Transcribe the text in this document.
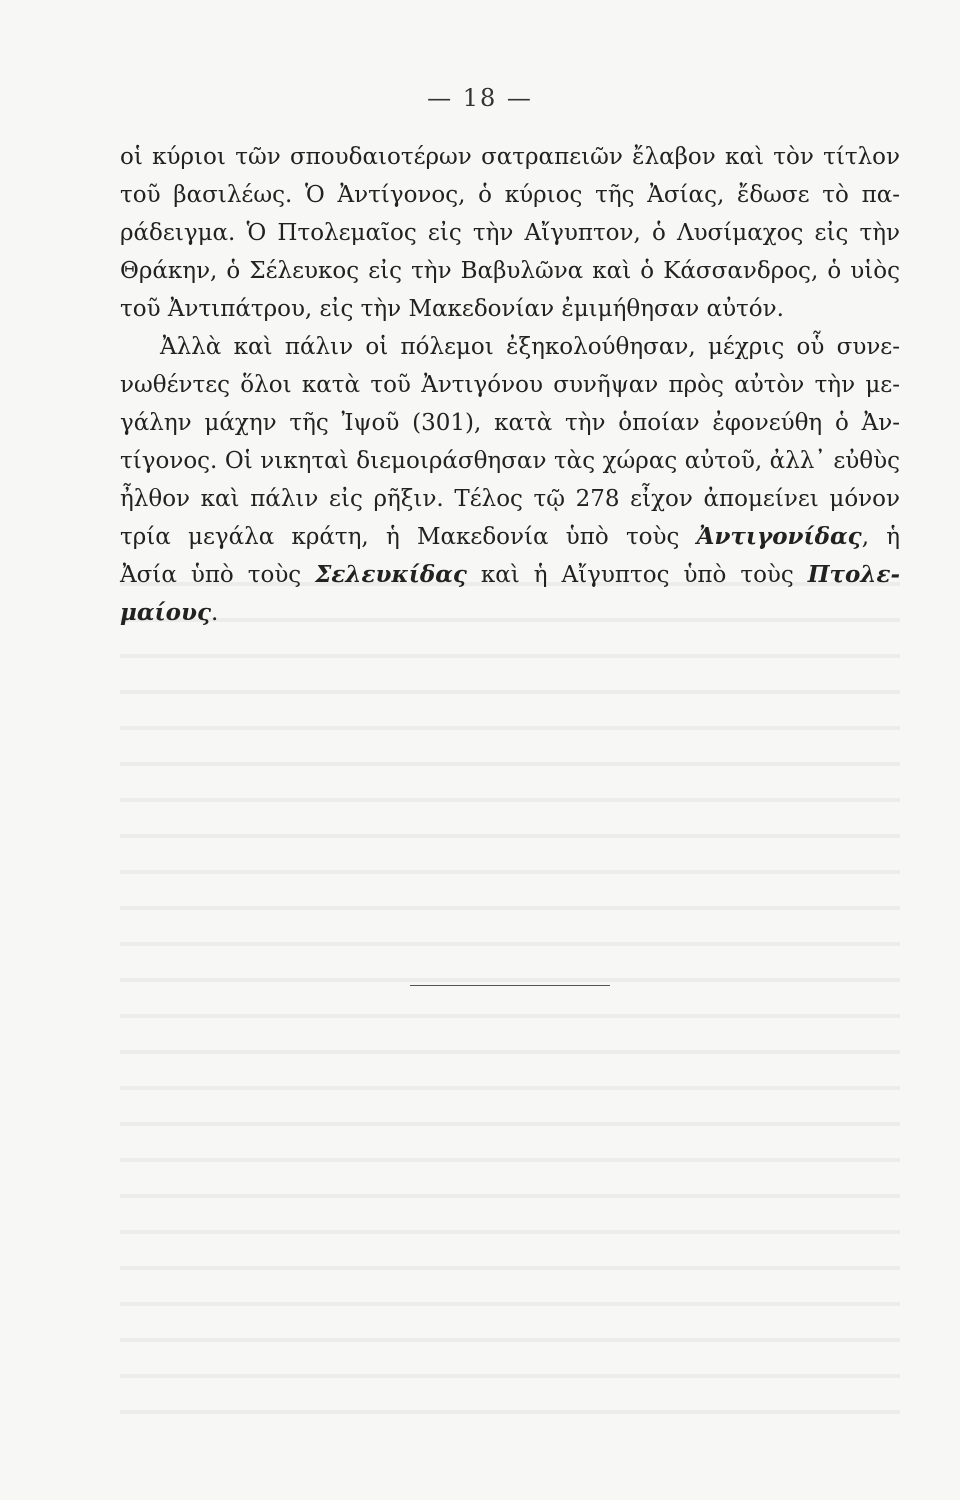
— 18 —
οἱ κύριοι τῶν σπουδαιοτέρων σατραπειῶν ἔλαβον καὶ τὸν τίτλον
τοῦ βασιλέως. Ὁ Ἀντίγονος, ὁ κύριος τῆς Ἀσίας, ἔδωσε τὸ πα-
ράδειγμα. Ὁ Πτολεμαῖος εἰς τὴν Αἴγυπτον, ὁ Λυσίμαχος εἰς τὴν
Θράκην, ὁ Σέλευκος εἰς τὴν Βαβυλῶνα καὶ ὁ Κάσσανδρος, ὁ υἱὸς
τοῦ Ἀντιπάτρου, εἰς τὴν Μακεδονίαν ἐμιμήθησαν αὐτόν.
Ἀλλὰ καὶ πάλιν οἱ πόλεμοι ἐξηκολούθησαν, μέχρις οὗ συνε-
νωθέντες ὅλοι κατὰ τοῦ Ἀντιγόνου συνῆψαν πρὸς αὐτὸν τὴν με-
γάλην μάχην τῆς Ἰψοῦ (301), κατὰ τὴν ὁποίαν ἐφονεύθη ὁ Ἀν-
τίγονος. Οἱ νικηταὶ διεμοιράσθησαν τὰς χώρας αὐτοῦ, ἀλλ᾽ εὐθὺς
ἦλθον καὶ πάλιν εἰς ρῆξιν. Τέλος τῷ 278 εἶχον ἀπομείνει μόνον
τρία μεγάλα κράτη, ἡ Μακεδονία ὑπὸ τοὺς Ἀντιγονίδας, ἡ
Ἀσία ὑπὸ τοὺς Σελευκίδας καὶ ἡ Αἴγυπτος ὑπὸ τοὺς Πτολε-
μαίους.
